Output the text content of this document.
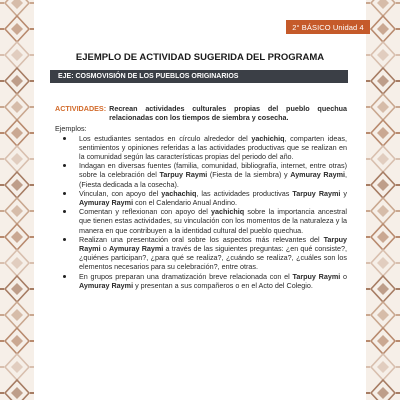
2° BÁSICO Unidad 4
EJEMPLO DE ACTIVIDAD SUGERIDA DEL PROGRAMA
EJE: COSMOVISIÓN DE LOS PUEBLOS ORIGINARIOS
ACTIVIDADES: Recrean actividades culturales propias del pueblo quechua relacionadas con los tiempos de siembra y cosecha.
Ejemplos:
Los estudiantes sentados en círculo alrededor del yachichiq, comparten ideas, sentimientos y opiniones referidas a las actividades productivas que se realizan en la comunidad según las características propias del periodo del año.
Indagan en diversas fuentes (familia, comunidad, bibliografía, internet, entre otras) sobre la celebración del Tarpuy Raymi (Fiesta de la siembra) y Aymuray Raymi, (Fiesta dedicada a la cosecha).
Vinculan, con apoyo del yachachiq, las actividades productivas Tarpuy Raymi y Aymuray Raymi con el Calendario Anual Andino.
Comentan y reflexionan con apoyo del yachichiq sobre la importancia ancestral que tienen estas actividades, su vinculación con los momentos de la naturaleza y la manera en que contribuyen a la identidad cultural del pueblo quechua.
Realizan una presentación oral sobre los aspectos más relevantes del Tarpuy Raymi o Aymuray Raymi a través de las siguientes preguntas: ¿en qué consiste?, ¿quiénes participan?, ¿para qué se realiza?, ¿cuándo se realiza?, ¿cuáles son los elementos necesarios para su celebración?, entre otras.
En grupos preparan una dramatización breve relacionada con el Tarpuy Raymi o Aymuray Raymi y presentan a sus compañeros o en el Acto del Colegio.
